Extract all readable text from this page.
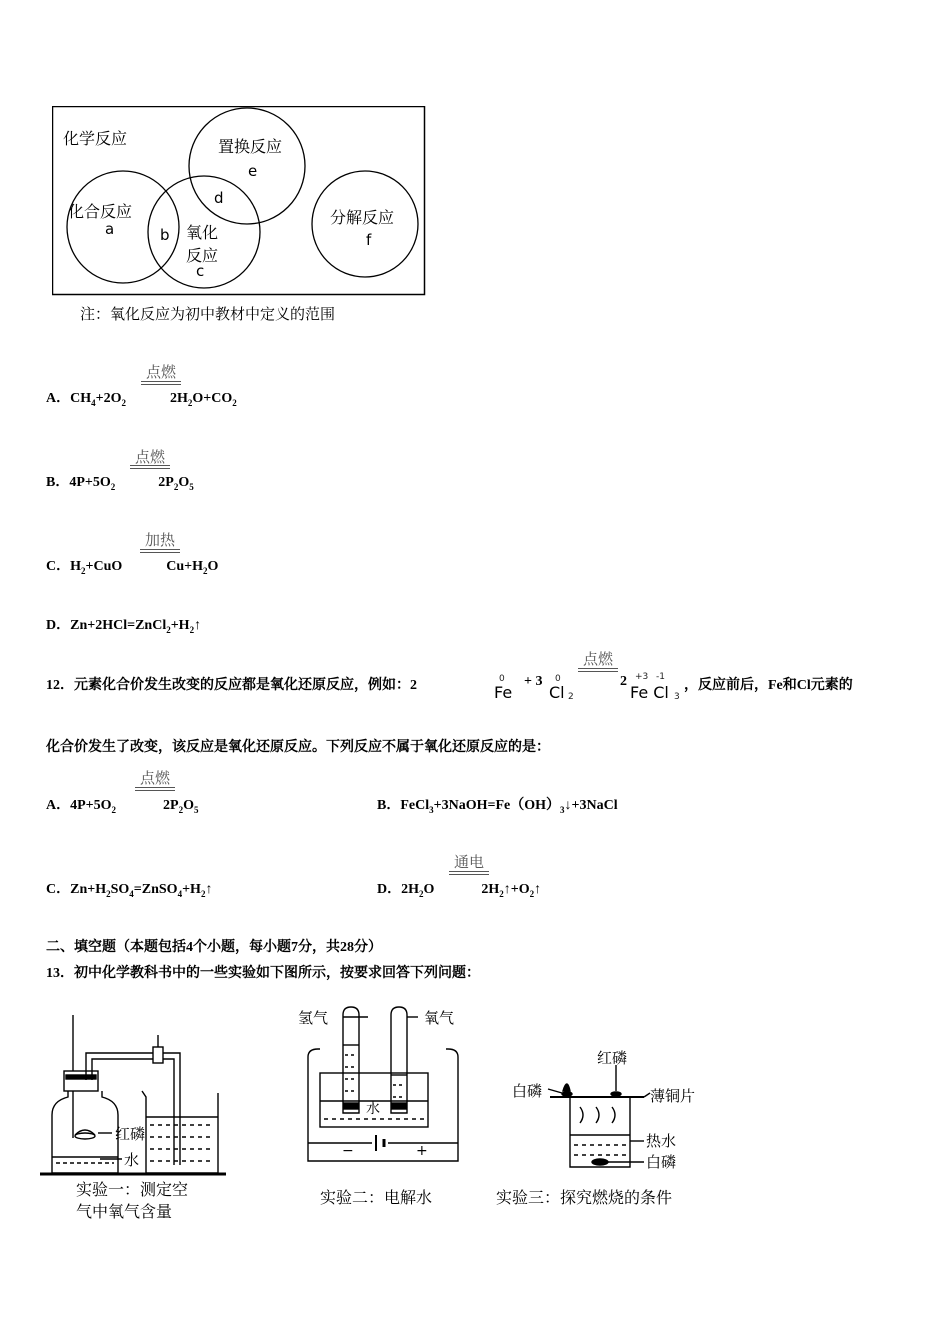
化学反应	置换反应
e
d
化合反应
a	b 氧化
反应
c
分解反应
f
注：氧化反应为初中教材中定义的范围
点燃
A．$CH_4+2O_2$	$2H_2O+CO_2$
点燃
B．$4P+5O_2$	$2P_2O_5$
加热
C．$H_2+CuO$	$Cu+H_2O$
D．$Zn+2HCl=ZnCl_2+H_2↑$
12．元素化合价发生改变的反应都是氧化还原反应，例如：2	0
Fe
+ 3 0
Cl 2
点燃
2 +3 -1
Fe Cl 3
，反应前后，Fe和Cl元素的
化合价发生了改变，该反应是氧化还原反应。下列反应不属于氧化还原反应的是：
点燃
A．$4P+5O_2$	$2P_2O_5$	B．$FeCl_3+3NaOH=Fe(OH)_3↓+3NaCl$
C．$Zn+H_2SO_4=ZnSO_4+H_2↑$
通电
D．$2H_2O$	$2H_2↑+O_2↑$
二、填空题（本题包括4个小题，每小题7分，共28分）
13．初中化学教科书中的一些实验如下图所示，按要求回答下列问题：
红磷
水
实验一：测定空
气中氧气含量
氢气	氧气
水
−	+
实验二：电解水
红磷
白磷	薄铜片
热水
白磷
实验三：探究燃烧的条件
